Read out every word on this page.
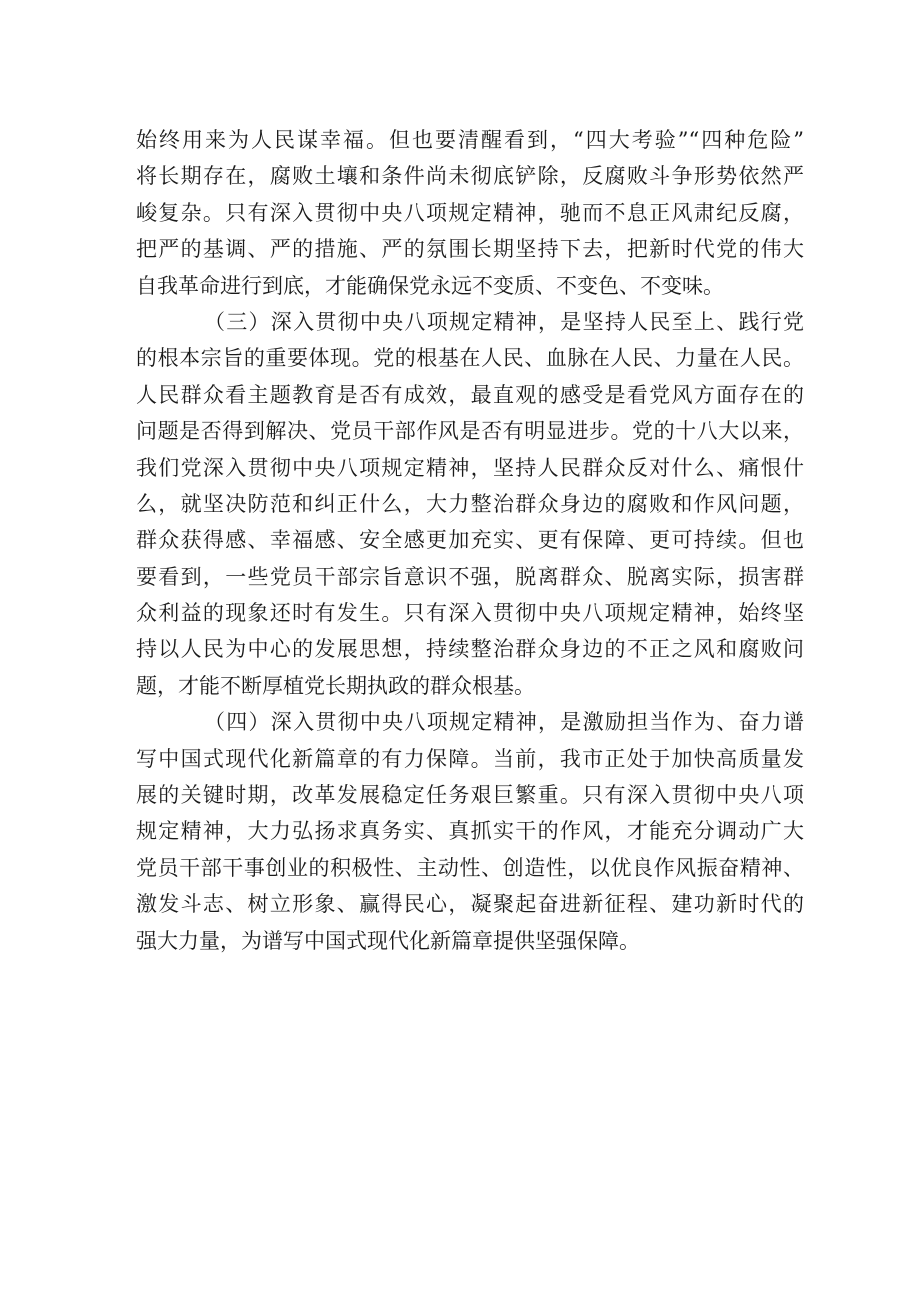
始终用来为人民谋幸福。但也要清醒看到，“四大考验”“四种危险”
将长期存在，腐败土壤和条件尚未彻底铲除，反腐败斗争形势依然严
峻复杂。只有深入贯彻中央八项规定精神，驰而不息正风肃纪反腐，
把严的基调、严的措施、严的氛围长期坚持下去，把新时代党的伟大
自我革命进行到底，才能确保党永远不变质、不变色、不变味。
（三）深入贯彻中央八项规定精神，是坚持人民至上、践行党
的根本宗旨的重要体现。党的根基在人民、血脉在人民、力量在人民。
人民群众看主题教育是否有成效，最直观的感受是看党风方面存在的
问题是否得到解决、党员干部作风是否有明显进步。党的十八大以来，
我们党深入贯彻中央八项规定精神，坚持人民群众反对什么、痛恨什
么，就坚决防范和纠正什么，大力整治群众身边的腐败和作风问题，
群众获得感、幸福感、安全感更加充实、更有保障、更可持续。但也
要看到，一些党员干部宗旨意识不强，脱离群众、脱离实际，损害群
众利益的现象还时有发生。只有深入贯彻中央八项规定精神，始终坚
持以人民为中心的发展思想，持续整治群众身边的不正之风和腐败问
题，才能不断厚植党长期执政的群众根基。
（四）深入贯彻中央八项规定精神，是激励担当作为、奋力谱
写中国式现代化新篇章的有力保障。当前，我市正处于加快高质量发
展的关键时期，改革发展稳定任务艰巨繁重。只有深入贯彻中央八项
规定精神，大力弘扬求真务实、真抓实干的作风，才能充分调动广大
党员干部干事创业的积极性、主动性、创造性，以优良作风振奋精神、
激发斗志、树立形象、赢得民心，凝聚起奋进新征程、建功新时代的
强大力量，为谱写中国式现代化新篇章提供坚强保障。
